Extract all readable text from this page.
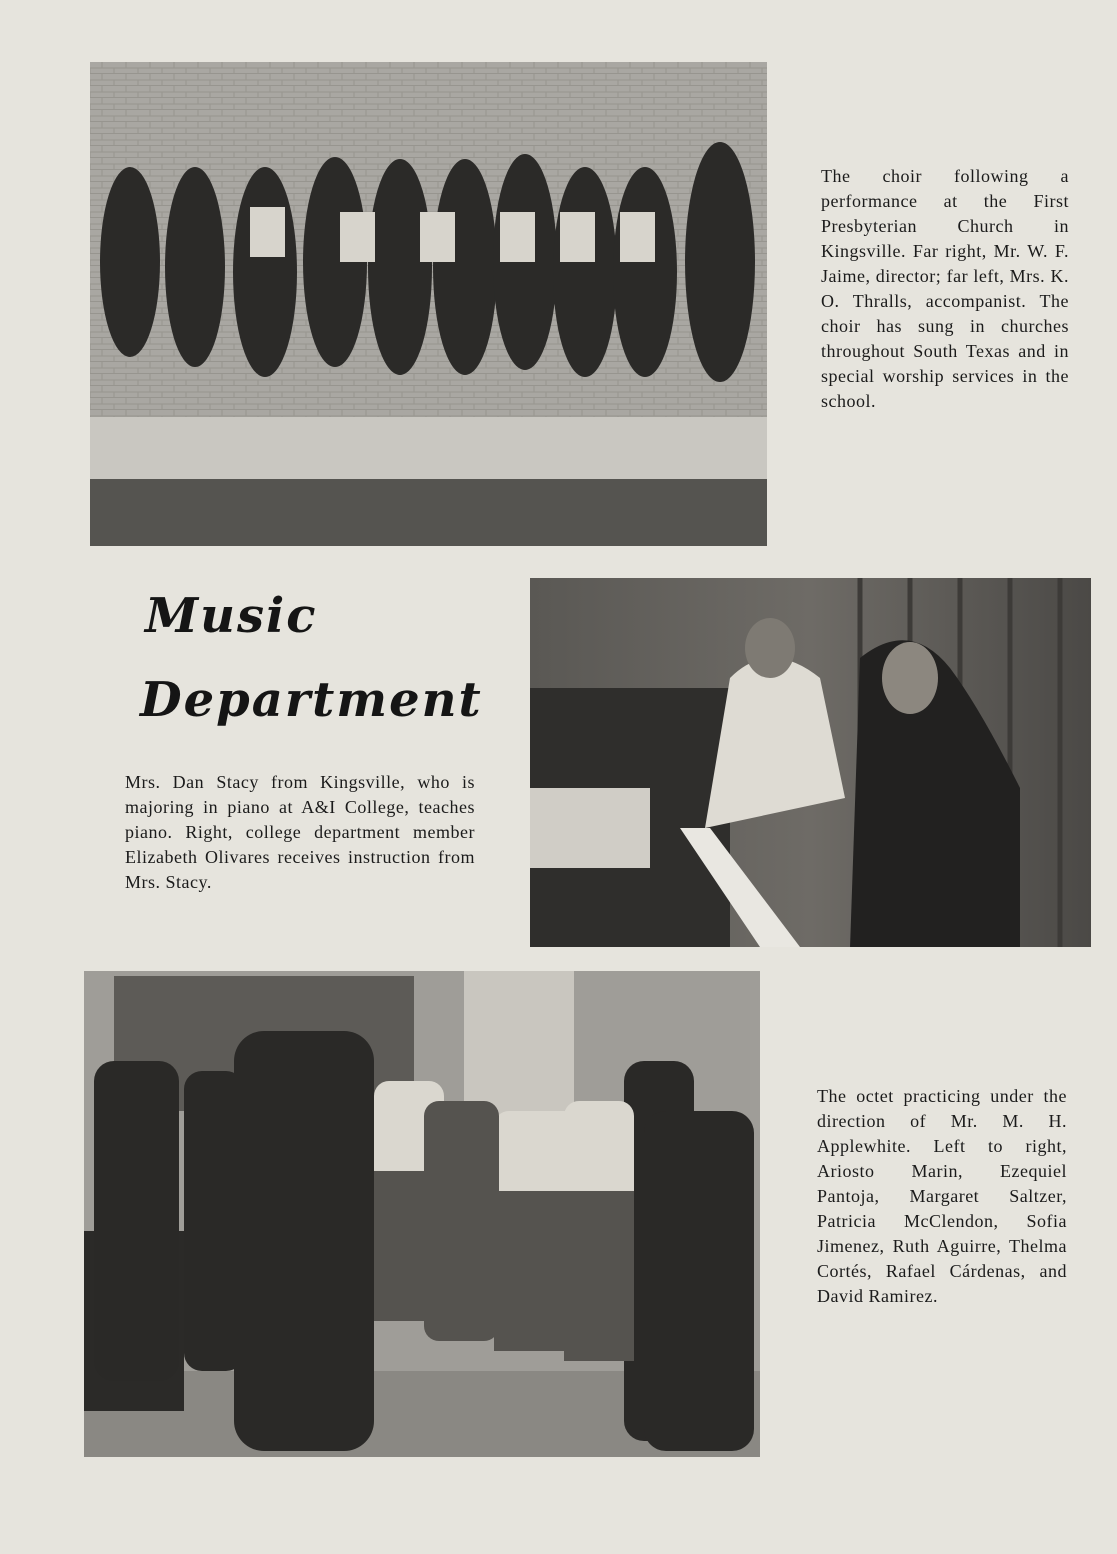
The choir following a performance at the First Presbyterian Church in Kingsville. Far right, Mr. W. F. Jaime, director; far left, Mrs. K. O. Thralls, accompanist. The choir has sung in churches throughout South Texas and in special worship services in the school.

Music
Department

Mrs. Dan Stacy from Kingsville, who is majoring in piano at A&I College, teaches piano. Right, college department member Elizabeth Olivares receives instruction from Mrs. Stacy.

The octet practicing under the direction of Mr. M. H. Applewhite. Left to right, Ariosto Marin, Ezequiel Pantoja, Margaret Saltzer, Patricia McClendon, Sofia Jimenez, Ruth Aguirre, Thelma Cortés, Rafael Cárdenas, and David Ramirez.
